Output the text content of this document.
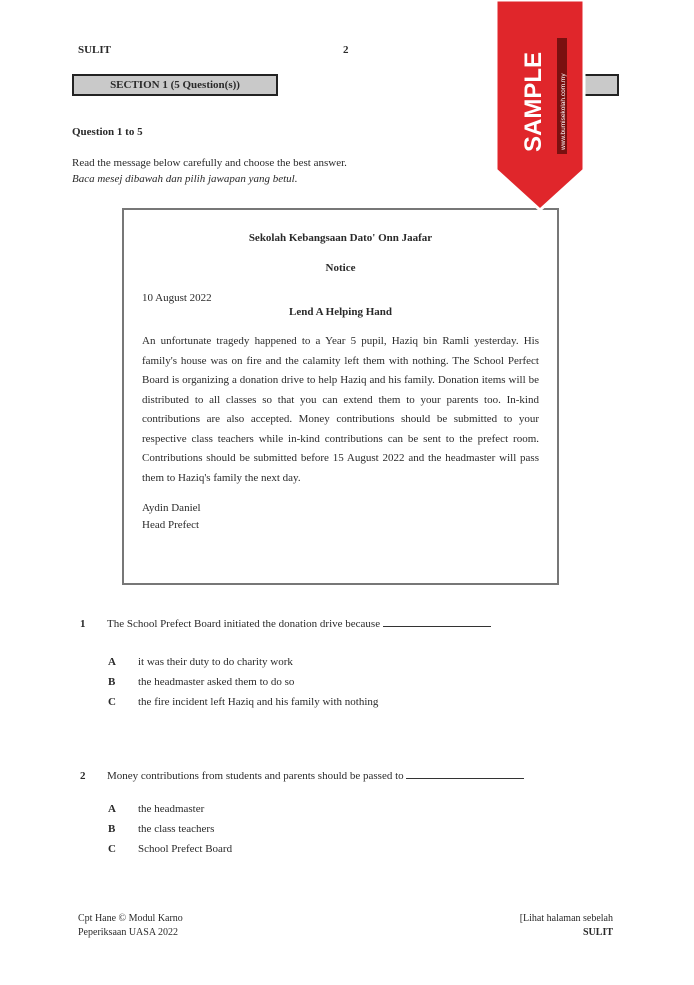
SULIT	2
SECTION 1 (5 Question(s))
Question 1 to 5
Read the message below carefully and choose the best answer.
Baca mesej dibawah dan pilih jawapan yang betul.
Sekolah Kebangsaan Dato' Onn Jaafar
Notice
10 August 2022
Lend A Helping Hand
An unfortunate tragedy happened to a Year 5 pupil, Haziq bin Ramli yesterday. His family's house was on fire and the calamity left them with nothing. The School Perfect Board is organizing a donation drive to help Haziq and his family. Donation items will be distributed to all classes so that you can extend them to your parents too. In-kind contributions are also accepted. Money contributions should be submitted to your respective class teachers while in-kind contributions can be sent to the prefect room. Contributions should be submitted before 15 August 2022 and the headmaster will pass them to Haziq's family the next day.
Aydin Daniel
Head Prefect
1 The School Prefect Board initiated the donation drive because
A it was their duty to do charity work
B the headmaster asked them to do so
C the fire incident left Haziq and his family with nothing
2 Money contributions from students and parents should be passed to
A the headmaster
B the class teachers
C School Prefect Board
Cpt Hane © Modul Karno
Peperiksaan UASA 2022
[Lihat halaman sebelah
SULIT
SAMPLE www.bumisekolah.com.my
